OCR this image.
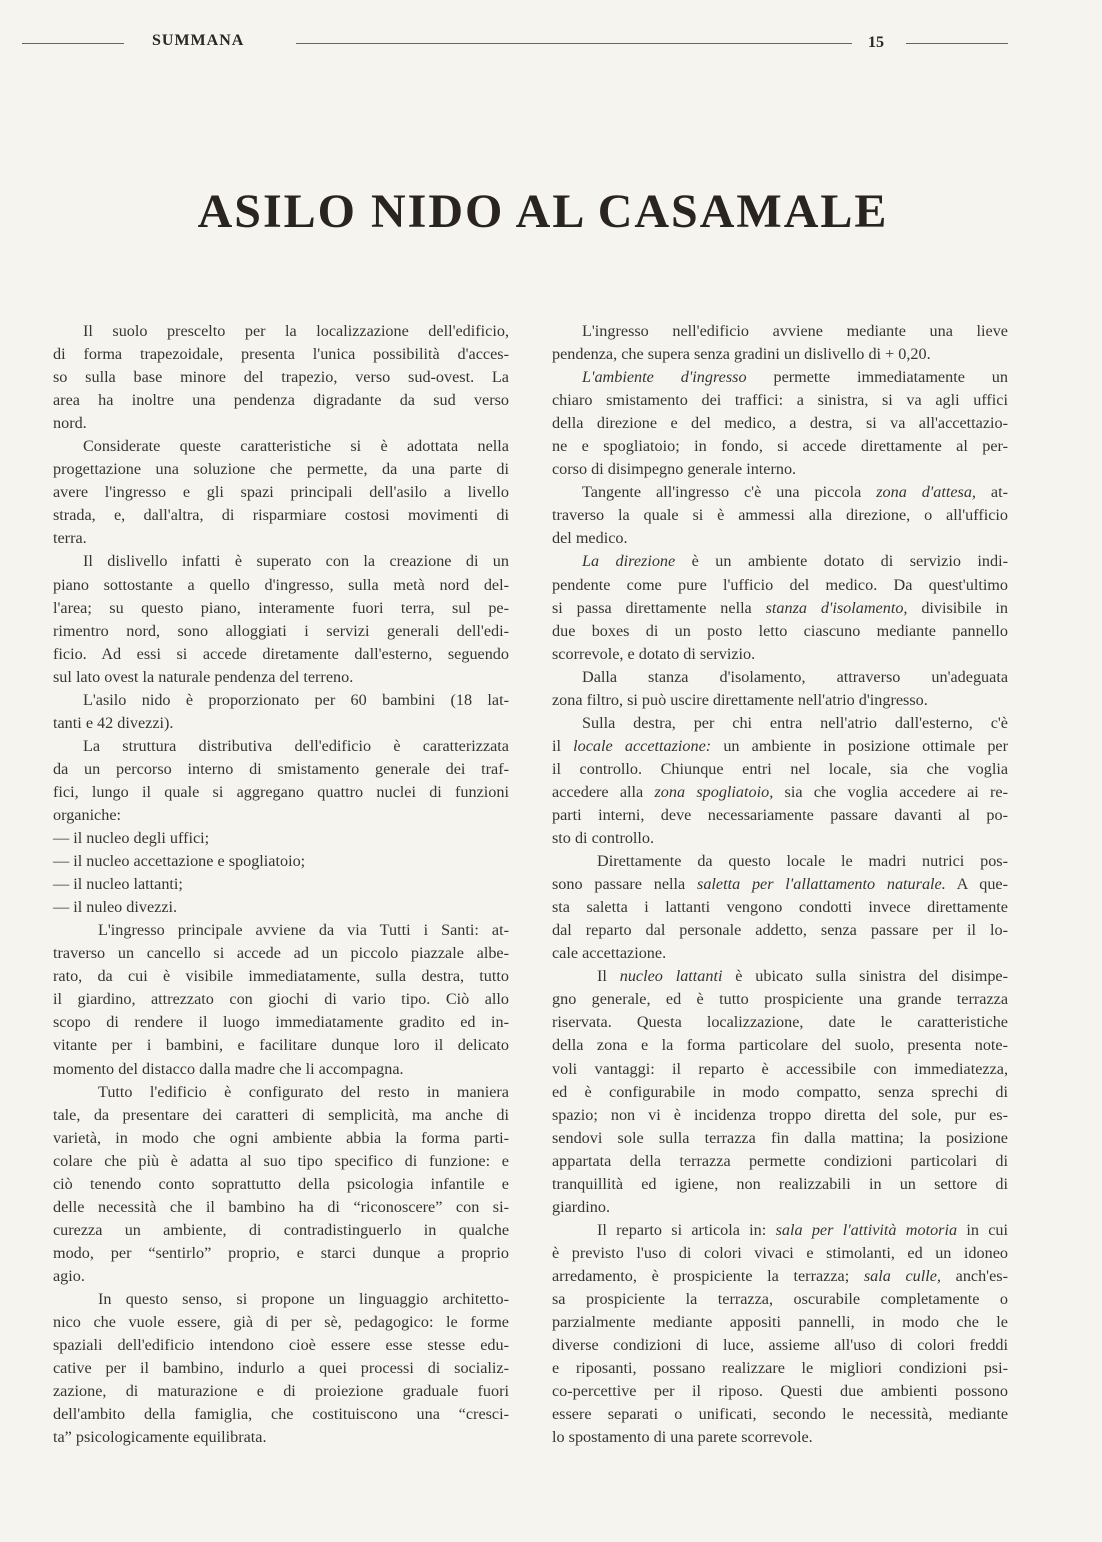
SUMMANA	15
ASILO NIDO AL CASAMALE
Il suolo prescelto per la localizzazione dell'edificio,
di forma trapezoidale, presenta l'unica possibilità d'acces-
so sulla base minore del trapezio, verso sud-ovest. La
area ha inoltre una pendenza digradante da sud verso
nord.
Considerate queste caratteristiche si è adottata nella
progettazione una soluzione che permette, da una parte di
avere l'ingresso e gli spazi principali dell'asilo a livello
strada, e, dall'altra, di risparmiare costosi movimenti di
terra.
Il dislivello infatti è superato con la creazione di un
piano sottostante a quello d'ingresso, sulla metà nord del-
l'area; su questo piano, interamente fuori terra, sul pe-
rimentro nord, sono alloggiati i servizi generali dell'edi-
ficio. Ad essi si accede diretamente dall'esterno, seguendo
sul lato ovest la naturale pendenza del terreno.
L'asilo nido è proporzionato per 60 bambini (18 lat-
tanti e 42 divezzi).
La struttura distributiva dell'edificio è caratterizzata
da un percorso interno di smistamento generale dei traf-
fici, lungo il quale si aggregano quattro nuclei di funzioni
organiche:
— il nucleo degli uffici;
— il nucleo accettazione e spogliatoio;
— il nucleo lattanti;
— il nuleo divezzi.
L'ingresso principale avviene da via Tutti i Santi: at-
traverso un cancello si accede ad un piccolo piazzale albe-
rato, da cui è visibile immediatamente, sulla destra, tutto
il giardino, attrezzato con giochi di vario tipo. Ciò allo
scopo di rendere il luogo immediatamente gradito ed in-
vitante per i bambini, e facilitare dunque loro il delicato
momento del distacco dalla madre che li accompagna.
Tutto l'edificio è configurato del resto in maniera
tale, da presentare dei caratteri di semplicità, ma anche di
varietà, in modo che ogni ambiente abbia la forma parti-
colare che più è adatta al suo tipo specifico di funzione: e
ciò tenendo conto soprattutto della psicologia infantile e
delle necessità che il bambino ha di “riconoscere” con si-
curezza un ambiente, di contradistinguerlo in qualche
modo, per “sentirlo” proprio, e starci dunque a proprio
agio.
In questo senso, si propone un linguaggio architetto-
nico che vuole essere, già di per sè, pedagogico: le forme
spaziali dell'edificio intendono cioè essere esse stesse edu-
cative per il bambino, indurlo a quei processi di socializ-
zazione, di maturazione e di proiezione graduale fuori
dell'ambito della famiglia, che costituiscono una “cresci-
ta” psicologicamente equilibrata.
L'ingresso nell'edificio avviene mediante una lieve
pendenza, che supera senza gradini un dislivello di + 0,20.
L'ambiente d'ingresso permette immediatamente un
chiaro smistamento dei traffici: a sinistra, si va agli uffici
della direzione e del medico, a destra, si va all'accettazio-
ne e spogliatoio; in fondo, si accede direttamente al per-
corso di disimpegno generale interno.
Tangente all'ingresso c'è una piccola zona d'attesa, at-
traverso la quale si è ammessi alla direzione, o all'ufficio
del medico.
La direzione è un ambiente dotato di servizio indi-
pendente come pure l'ufficio del medico. Da quest'ultimo
si passa direttamente nella stanza d'isolamento, divisibile in
due boxes di un posto letto ciascuno mediante pannello
scorrevole, e dotato di servizio.
Dalla stanza d'isolamento, attraverso un'adeguata
zona filtro, si può uscire direttamente nell'atrio d'ingresso.
Sulla destra, per chi entra nell'atrio dall'esterno, c'è
il locale accettazione: un ambiente in posizione ottimale per
il controllo. Chiunque entri nel locale, sia che voglia
accedere alla zona spogliatoio, sia che voglia accedere ai re-
parti interni, deve necessariamente passare davanti al po-
sto di controllo.
Direttamente da questo locale le madri nutrici pos-
sono passare nella saletta per l'allattamento naturale. A que-
sta saletta i lattanti vengono condotti invece direttamente
dal reparto dal personale addetto, senza passare per il lo-
cale accettazione.
Il nucleo lattanti è ubicato sulla sinistra del disimpe-
gno generale, ed è tutto prospiciente una grande terrazza
riservata. Questa localizzazione, date le caratteristiche
della zona e la forma particolare del suolo, presenta note-
voli vantaggi: il reparto è accessibile con immediatezza,
ed è configurabile in modo compatto, senza sprechi di
spazio; non vi è incidenza troppo diretta del sole, pur es-
sendovi sole sulla terrazza fin dalla mattina; la posizione
appartata della terrazza permette condizioni particolari di
tranquillità ed igiene, non realizzabili in un settore di
giardino.
Il reparto si articola in: sala per l'attività motoria in cui
è previsto l'uso di colori vivaci e stimolanti, ed un idoneo
arredamento, è prospiciente la terrazza; sala culle, anch'es-
sa prospiciente la terrazza, oscurabile completamente o
parzialmente mediante appositi pannelli, in modo che le
diverse condizioni di luce, assieme all'uso di colori freddi
e riposanti, possano realizzare le migliori condizioni psi-
co-percettive per il riposo. Questi due ambienti possono
essere separati o unificati, secondo le necessità, mediante
lo spostamento di una parete scorrevole.
